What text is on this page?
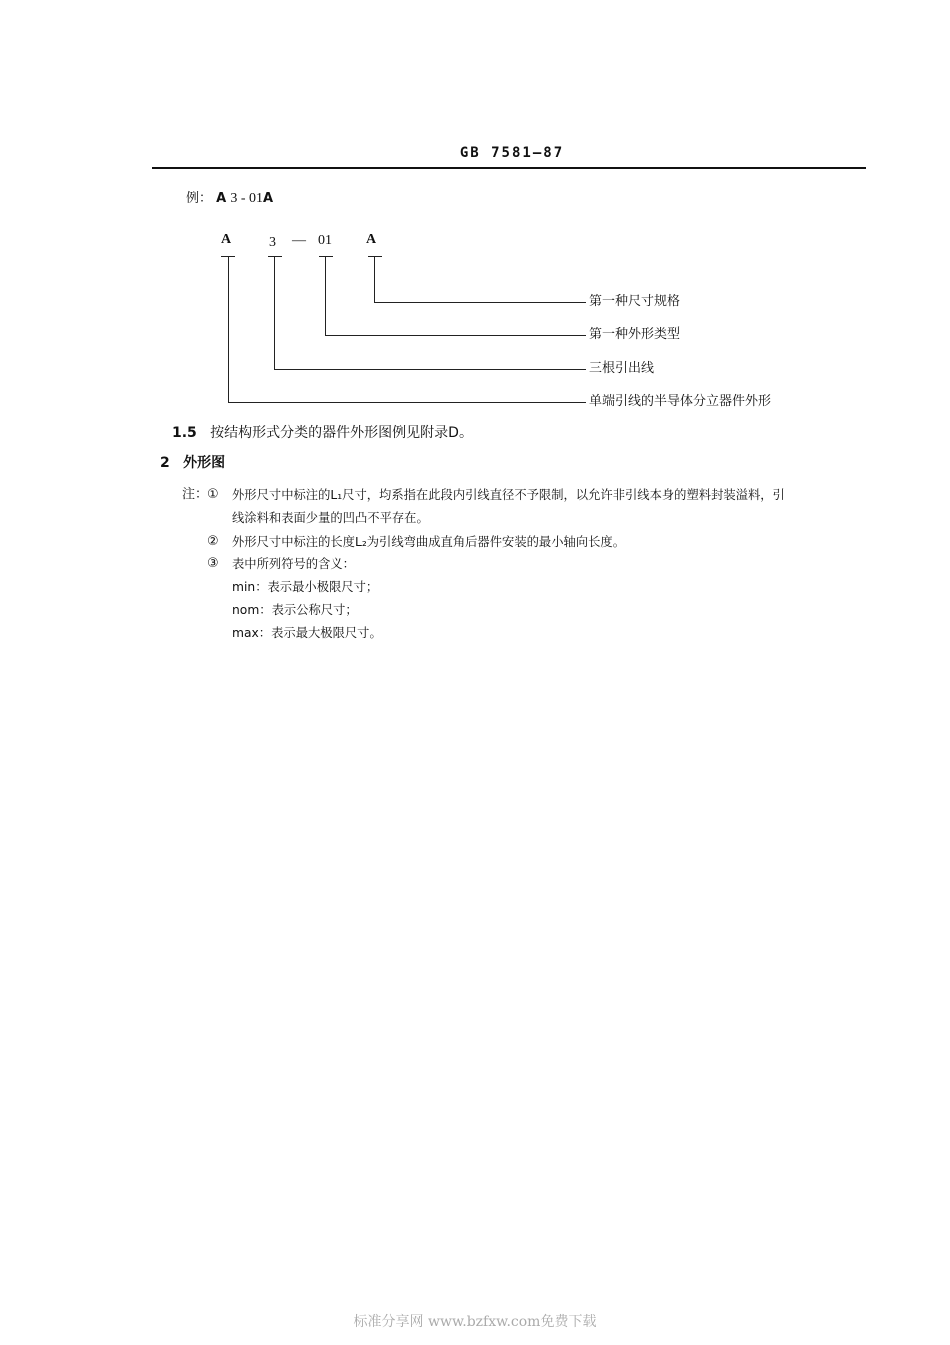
GB 7581—87
例： A 3 - 01A
A	3 — 01 A
第一种尺寸规格
第一种外形类型
三根引出线
单端引线的半导体分立器件外形
1.5 按结构形式分类的器件外形图例见附录D。
2 外形图
注：
① 外形尺寸中标注的L₁尺寸，均系指在此段内引线直径不予限制，以允许非引线本身的塑料封装溢料，引
线涂料和表面少量的凹凸不平存在。
② 外形尺寸中标注的长度L₂为引线弯曲成直角后器件安装的最小轴向长度。
③ 表中所列符号的含义：
min：表示最小极限尺寸；
nom：表示公称尺寸；
max：表示最大极限尺寸。
标准分享网 www.bzfxw.com免费下载
